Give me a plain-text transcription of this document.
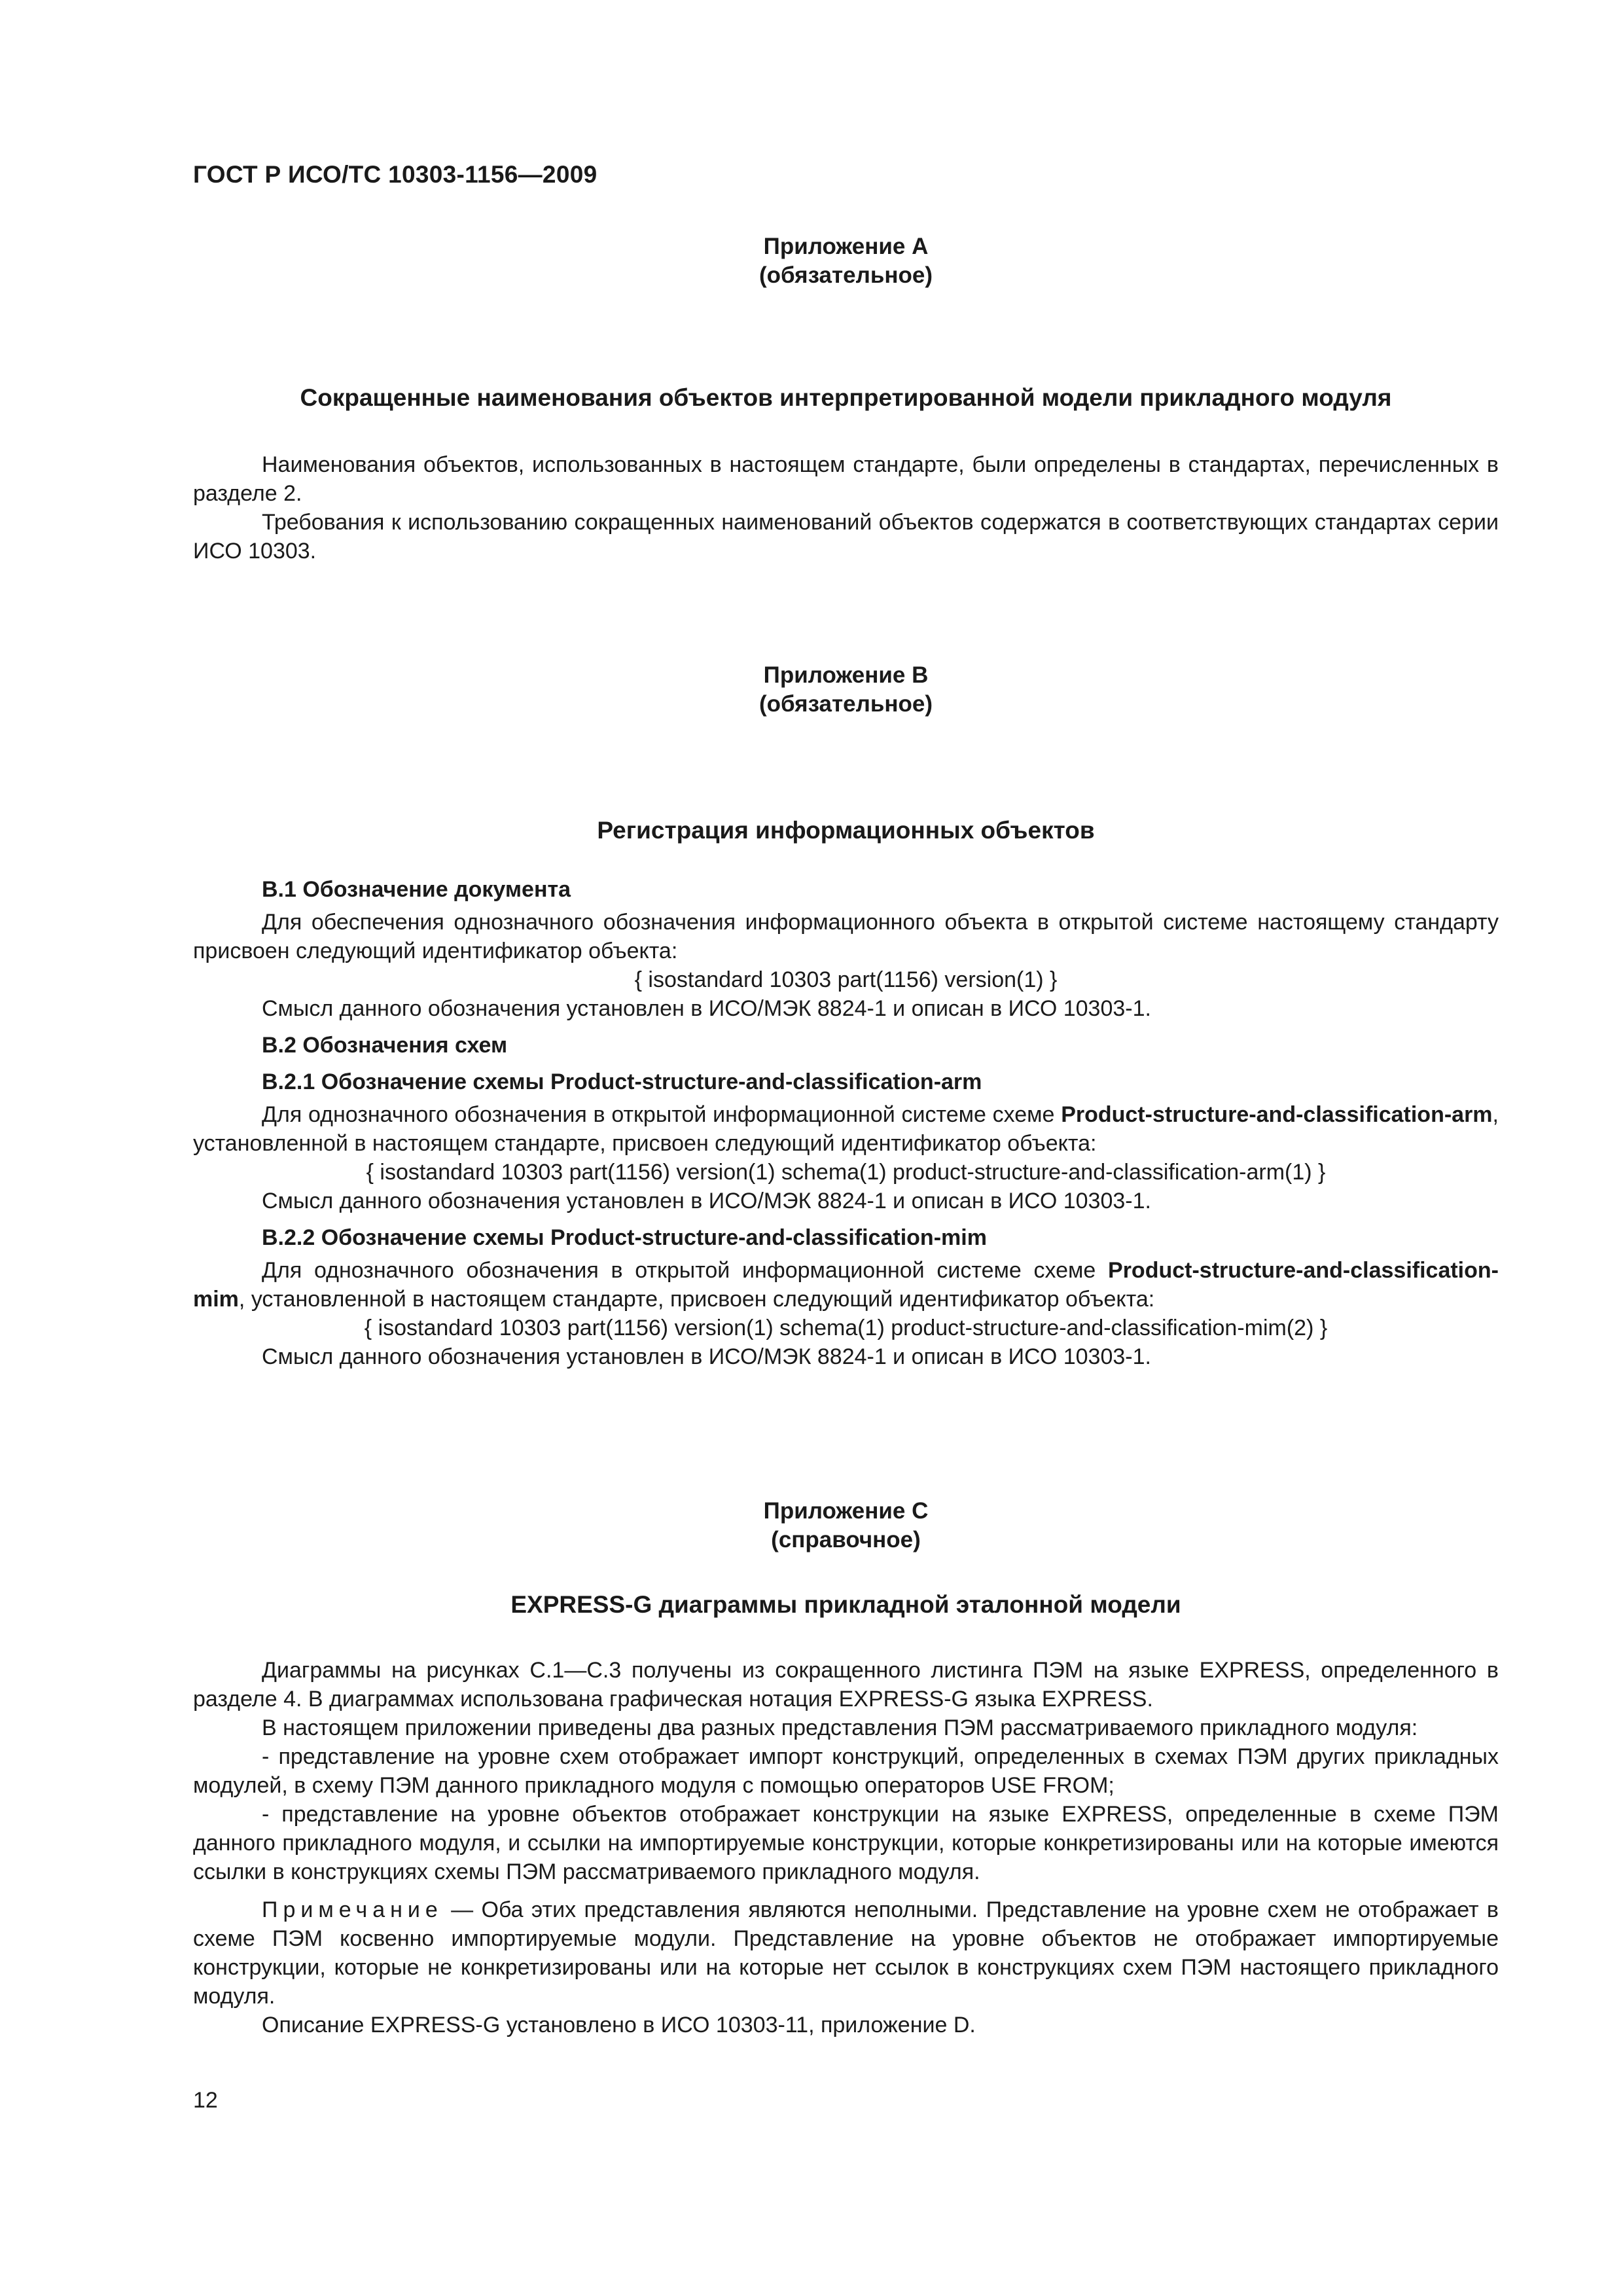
ГОСТ Р ИСО/ТС 10303-1156—2009
Приложение А
(обязательное)
Сокращенные наименования объектов интерпретированной модели прикладного модуля

Наименования объектов, использованных в настоящем стандарте, были определены в стандартах, перечисленных в разделе 2.

Требования к использованию сокращенных наименований объектов содержатся в соответствующих стандартах серии ИСО 10303.

Приложение В
(обязательное)
Регистрация информационных объектов

В.1 Обозначение документа

Для обеспечения однозначного обозначения информационного объекта в открытой системе настоящему стандарту присвоен следующий идентификатор объекта:

{ isostandard 10303 part(1156) version(1) }

Смысл данного обозначения установлен в ИСО/МЭК 8824-1 и описан в ИСО 10303-1.

В.2 Обозначения схем

В.2.1 Обозначение схемы Product-structure-and-classification-arm

Для однозначного обозначения в открытой информационной системе схеме Product-structure-and-classification-arm, установленной в настоящем стандарте, присвоен следующий идентификатор объекта:

{ isostandard 10303 part(1156) version(1) schema(1) product-structure-and-classification-arm(1) }

Смысл данного обозначения установлен в ИСО/МЭК 8824-1 и описан в ИСО 10303-1.

В.2.2 Обозначение схемы Product-structure-and-classification-mim

Для однозначного обозначения в открытой информационной системе схеме Product-structure-and-classification-mim, установленной в настоящем стандарте, присвоен следующий идентификатор объекта:

{ isostandard 10303 part(1156) version(1) schema(1) product-structure-and-classification-mim(2) }

Смысл данного обозначения установлен в ИСО/МЭК 8824-1 и описан в ИСО 10303-1.

Приложение С
(справочное)
EXPRESS-G диаграммы прикладной эталонной модели

Диаграммы на рисунках С.1—С.3 получены из сокращенного листинга ПЭМ на языке EXPRESS, определенного в разделе 4. В диаграммах использована графическая нотация EXPRESS-G языка EXPRESS.

В настоящем приложении приведены два разных представления ПЭМ рассматриваемого прикладного модуля:

- представление на уровне схем отображает импорт конструкций, определенных в схемах ПЭМ других прикладных модулей, в схему ПЭМ данного прикладного модуля с помощью операторов USE FROM;

- представление на уровне объектов отображает конструкции на языке EXPRESS, определенные в схеме ПЭМ данного прикладного модуля, и ссылки на импортируемые конструкции, которые конкретизированы или на которые имеются ссылки в конструкциях схемы ПЭМ рассматриваемого прикладного модуля.

Примечание — Оба этих представления являются неполными. Представление на уровне схем не отображает в схеме ПЭМ косвенно импортируемые модули. Представление на уровне объектов не отображает импортируемые конструкции, которые не конкретизированы или на которые нет ссылок в конструкциях схем ПЭМ настоящего прикладного модуля.

Описание EXPRESS-G установлено в ИСО 10303-11, приложение D.

12
